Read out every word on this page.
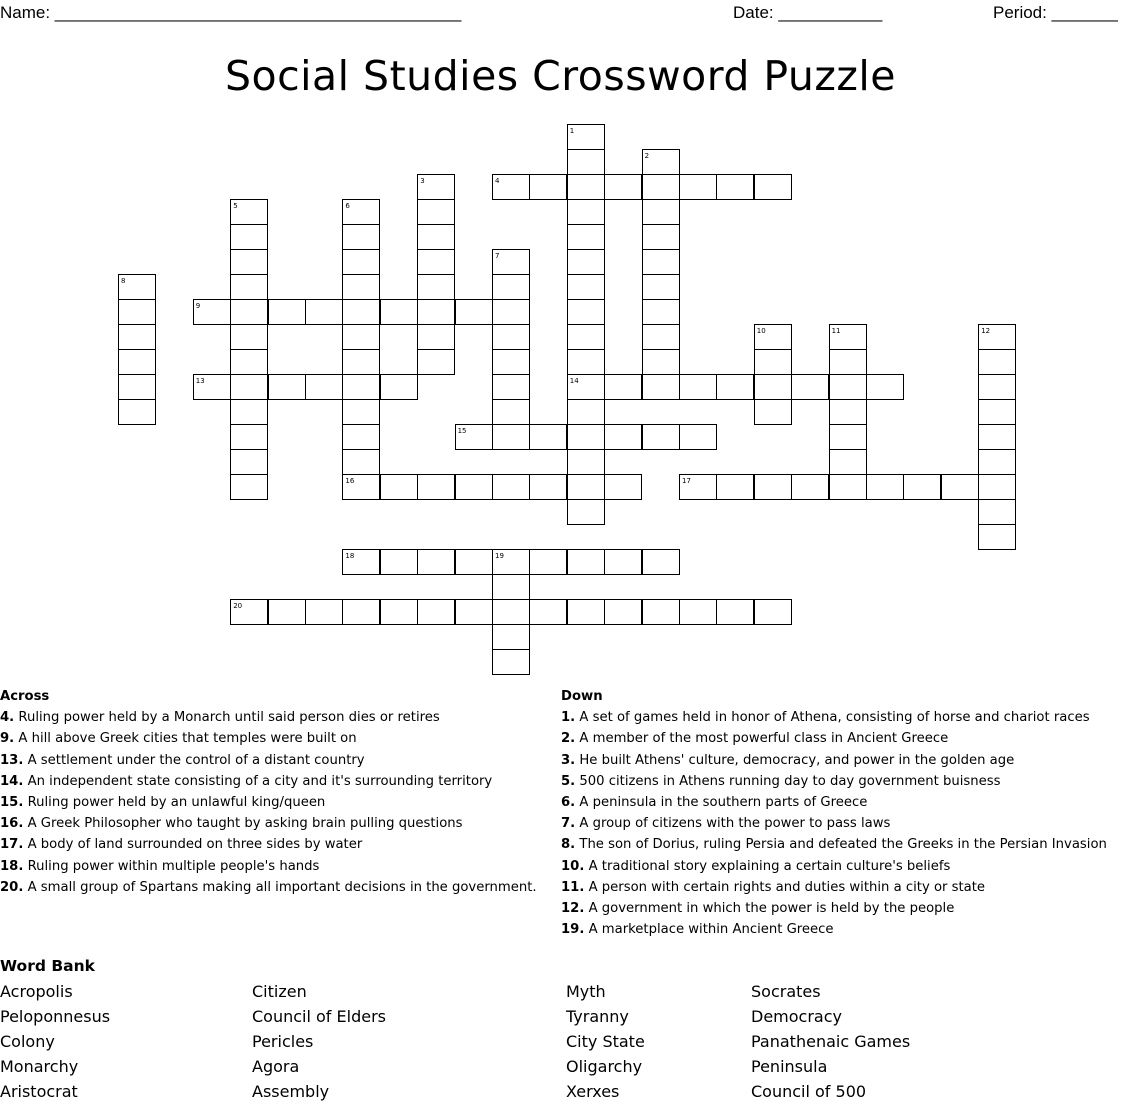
Name: ___________________________________________	Date: ___________	Period: _______
Social Studies Crossword Puzzle
1
2
3	4
5	6
7
8
9
10	11	12
13	14
15
16	17
18	19
20
Across
4. Ruling power held by a Monarch until said person dies or retires
9. A hill above Greek cities that temples were built on
13. A settlement under the control of a distant country
14. An independent state consisting of a city and it's surrounding territory
15. Ruling power held by an unlawful king/queen
16. A Greek Philosopher who taught by asking brain pulling questions
17. A body of land surrounded on three sides by water
18. Ruling power within multiple people's hands
20. A small group of Spartans making all important decisions in the government.
Down
1. A set of games held in honor of Athena, consisting of horse and chariot races
2. A member of the most powerful class in Ancient Greece
3. He built Athens' culture, democracy, and power in the golden age
5. 500 citizens in Athens running day to day government buisness
6. A peninsula in the southern parts of Greece
7. A group of citizens with the power to pass laws
8. The son of Dorius, ruling Persia and defeated the Greeks in the Persian Invasion
10. A traditional story explaining a certain culture's beliefs
11. A person with certain rights and duties within a city or state
12. A government in which the power is held by the people
19. A marketplace within Ancient Greece
Word Bank
Acropolis	Citizen	Myth	Socrates
Peloponnesus	Council of Elders	Tyranny	Democracy
Colony	Pericles	City State	Panathenaic Games
Monarchy	Agora	Oligarchy	Peninsula
Aristocrat	Assembly	Xerxes	Council of 500
